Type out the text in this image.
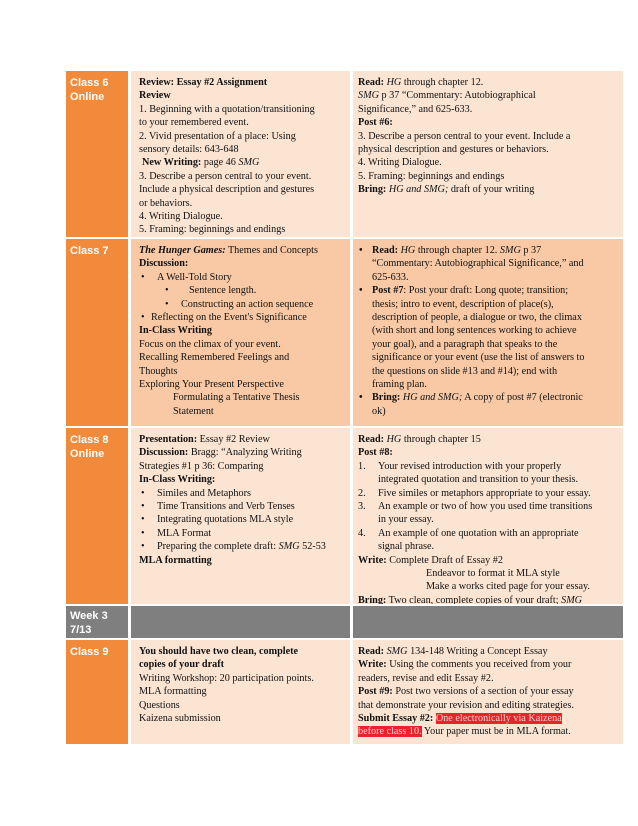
Class 6
Online
Review: Essay #2 Assignment
Review
1. Beginning with a quotation/transitioning
to your remembered event.
2. Vivid presentation of a place: Using
sensory details: 643-648
New Writing: page 46 SMG
3. Describe a person central to your event.
Include a physical description and gestures
or behaviors.
4. Writing Dialogue.
5. Framing: beginnings and endings
Read: HG through chapter 12.
SMG p 37 “Commentary: Autobiographical
Significance,” and 625-633.
Post #6:
3. Describe a person central to your event. Include a
physical description and gestures or behaviors.
4. Writing Dialogue.
5. Framing: beginnings and endings
Bring: HG and SMG; draft of your writing
Class 7	The Hunger Games: Themes and Concepts
Discussion:
• A Well-Told Story
• Sentence length.
• Constructing an action sequence
• Reflecting on the Event's Significance
In-Class Writing
Focus on the climax of your event.
Recalling Remembered Feelings and
Thoughts
Exploring Your Present Perspective
Formulating a Tentative Thesis
Statement
• Read: HG through chapter 12. SMG p 37
“Commentary: Autobiographical Significance,” and
625-633.
• Post #7: Post your draft: Long quote; transition;
thesis; intro to event, description of place(s),
description of people, a dialogue or two, the climax
(with short and long sentences working to achieve
your goal), and a paragraph that speaks to the
significance or your event (use the list of answers to
the questions on slide #13 and #14); end with
framing plan.
• Bring: HG and SMG; A copy of post #7 (electronic
ok)
Class 8
Online
Presentation: Essay #2 Review
Discussion: Bragg: “Analyzing Writing
Strategies #1 p 36: Comparing
In-Class Writing:
• Similes and Metaphors
• Time Transitions and Verb Tenses
• Integrating quotations MLA style
• MLA Format
• Preparing the complete draft: SMG 52-53
MLA formatting
Read: HG through chapter 15
Post #8:
1. Your revised introduction with your properly
integrated quotation and transition to your thesis.
2. Five similes or metaphors appropriate to your essay.
3. An example or two of how you used time transitions
in your essay.
4. An example of one quotation with an appropriate
signal phrase.
Write: Complete Draft of Essay #2
Endeavor to format it MLA style
Make a works cited page for your essay.
Bring: Two clean, complete copies of your draft; SMG
Week 3
7/13
Class 9	You should have two clean, complete
copies of your draft
Writing Workshop: 20 participation points.
MLA formatting
Questions
Kaizena submission
Read: SMG 134-148 Writing a Concept Essay
Write: Using the comments you received from your
readers, revise and edit Essay #2.
Post #9: Post two versions of a section of your essay
that demonstrate your revision and editing strategies.
Submit Essay #2: One electronically via Kaizena
before class 10. Your paper must be in MLA format.
